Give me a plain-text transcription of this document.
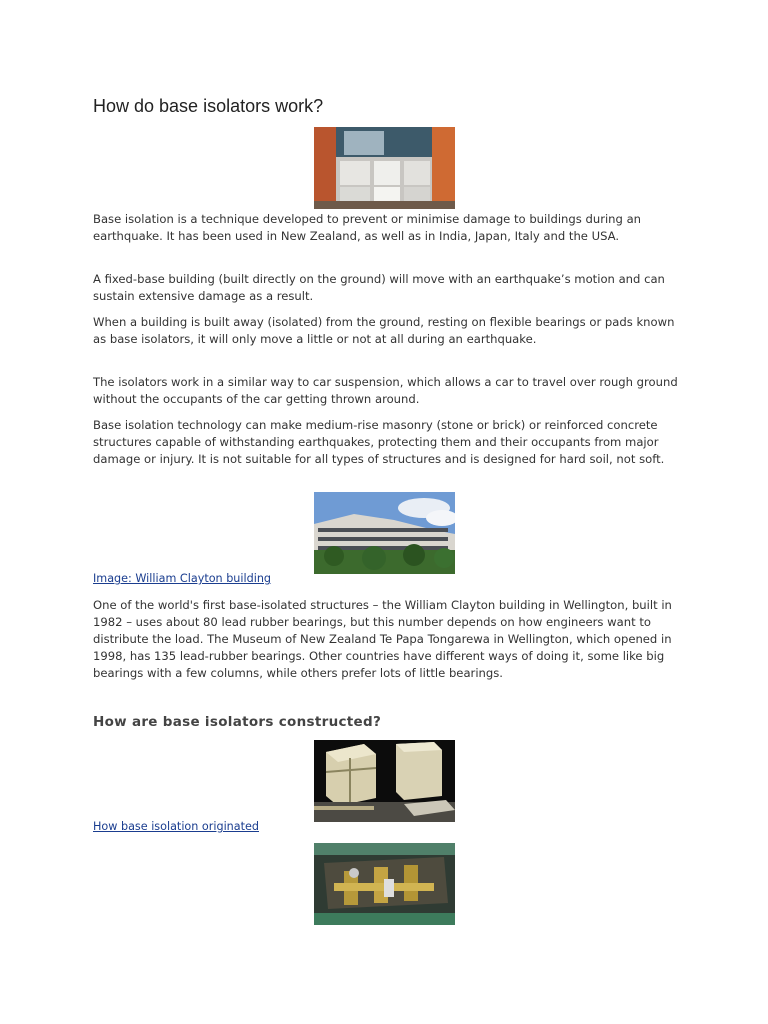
How do base isolators work?

Base isolation is a technique developed to prevent or minimise damage to buildings during an earthquake. It has been used in New Zealand, as well as in India, Japan, Italy and the USA.

A fixed-base building (built directly on the ground) will move with an earthquake’s motion and can sustain extensive damage as a result.

When a building is built away (isolated) from the ground, resting on flexible bearings or pads known as base isolators, it will only move a little or not at all during an earthquake.

The isolators work in a similar way to car suspension, which allows a car to travel over rough ground without the occupants of the car getting thrown around.

Base isolation technology can make medium-rise masonry (stone or brick) or reinforced concrete structures capable of withstanding earthquakes, protecting them and their occupants from major damage or injury. It is not suitable for all types of structures and is designed for hard soil, not soft.

Image: William Clayton building

One of the world's first base-isolated structures – the William Clayton building in Wellington, built in 1982 – uses about 80 lead rubber bearings, but this number depends on how engineers want to distribute the load. The Museum of New Zealand Te Papa Tongarewa in Wellington, which opened in 1998, has 135 lead-rubber bearings. Other countries have different ways of doing it, some like big bearings with a few columns, while others prefer lots of little bearings.

How are base isolators constructed?
How base isolation originated
